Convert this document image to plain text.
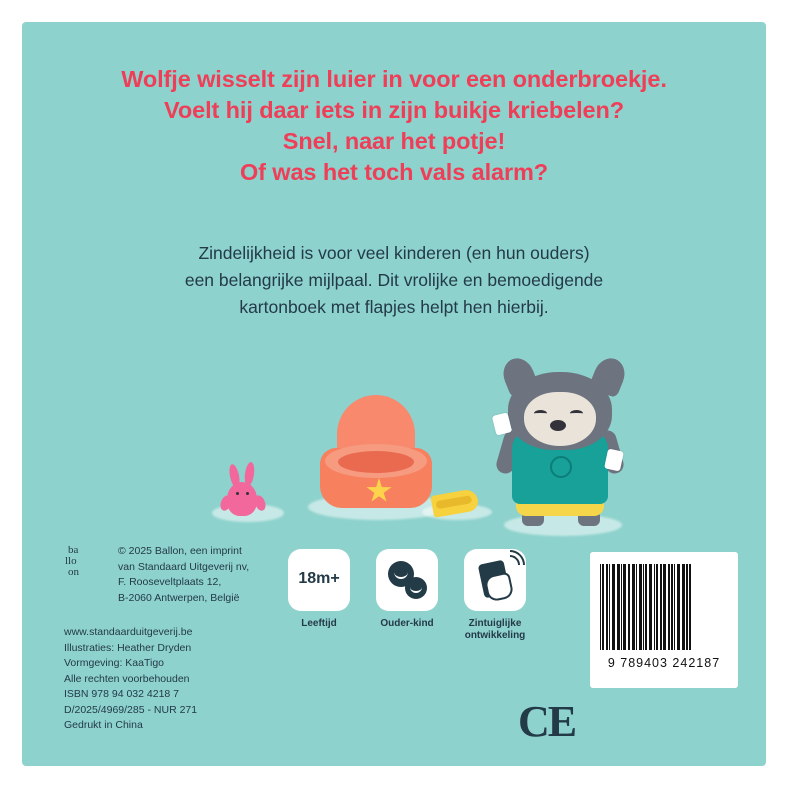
Wolfje wisselt zijn luier in voor een onderbroekje.
Voelt hij daar iets in zijn buikje kriebelen?
Snel, naar het potje!
Of was het toch vals alarm?
Zindelijkheid is voor veel kinderen (en hun ouders)
een belangrijke mijlpaal. Dit vrolijke en bemoedigende
kartonboek met flapjes helpt hen hierbij.
ba
llo
on
© 2025 Ballon, een imprint
van Standaard Uitgeverij nv,
F. Rooseveltplaats 12,
B-2060 Antwerpen, België
www.standaarduitgeverij.be
Illustraties: Heather Dryden
Vormgeving: KaaTigo
Alle rechten voorbehouden
ISBN 978 94 032 4218 7
D/2025/4969/285 - NUR 271
Gedrukt in China
18m+
Leeftijd	Ouder-kind	Zintuiglijke
ontwikkeling
CE
9 789403 242187
